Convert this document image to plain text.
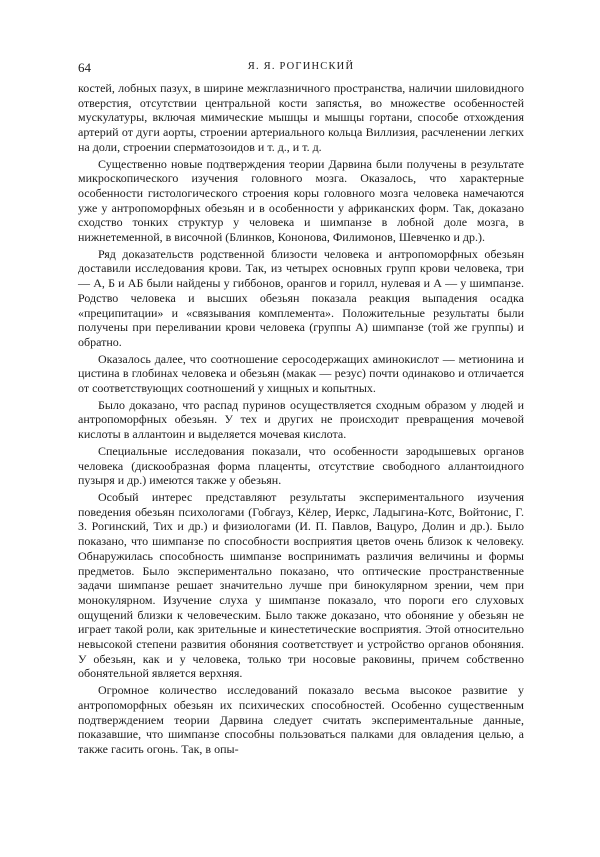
64	Я. Я. РОГИНСКИЙ

костей, лобных пазух, в ширине межглазничного пространства, наличии шиловидного отверстия, отсутствии центральной кости запястья, во множестве особенностей мускулатуры, включая мимические мышцы и мышцы гортани, способе отхождения артерий от дуги аорты, строении артериального кольца Виллизия, расчленении легких на доли, строении сперматозоидов и т. д., и т. д.

Существенно новые подтверждения теории Дарвина были получены в результате микроскопического изучения головного мозга. Оказалось, что характерные особенности гистологического строения коры головного мозга человека намечаются уже у антропоморфных обезьян и в особенности у африканских форм. Так, доказано сходство тонких структур у человека и шимпанзе в лобной доле мозга, в нижнетеменной, в височной (Блинков, Кононова, Филимонов, Шевченко и др.).

Ряд доказательств родственной близости человека и антропоморфных обезьян доставили исследования крови. Так, из четырех основных групп крови человека, три — А, Б и АБ были найдены у гиббонов, орангов и горилл, нулевая и А — у шимпанзе. Родство человека и высших обезьян показала реакция выпадения осадка «преципитации» и «связывания комплемента». Положительные результаты были получены при переливании крови человека (группы А) шимпанзе (той же группы) и обратно.

Оказалось далее, что соотношение серосодержащих аминокислот — метионина и цистина в глобинах человека и обезьян (макак — резус) почти одинаково и отличается от соответствующих соотношений у хищных и копытных.

Было доказано, что распад пуринов осуществляется сходным образом у людей и антропоморфных обезьян. У тех и других не происходит превращения мочевой кислоты в аллантоин и выделяется мочевая кислота.

Специальные исследования показали, что особенности зародышевых органов человека (дискообразная форма плаценты, отсутствие свободного аллантоидного пузыря и др.) имеются также у обезьян.

Особый интерес представляют результаты экспериментального изучения поведения обезьян психологами (Гобгауз, Кёлер, Иеркс, Ладыгина-Котс, Войтонис, Г. З. Рогинский, Тих и др.) и физиологами (И. П. Павлов, Вацуро, Долин и др.). Было показано, что шимпанзе по способности восприятия цветов очень близок к человеку. Обнаружилась способность шимпанзе воспринимать различия величины и формы предметов. Было экспериментально показано, что оптические пространственные задачи шимпанзе решает значительно лучше при бинокулярном зрении, чем при монокулярном. Изучение слуха у шимпанзе показало, что пороги его слуховых ощущений близки к человеческим. Было также доказано, что обоняние у обезьян не играет такой роли, как зрительные и кинестетические восприятия. Этой относительно невысокой степени развития обоняния соответствует и устройство органов обоняния. У обезьян, как и у человека, только три носовые раковины, причем собственно обонятельной является верхняя.

Огромное количество исследований показало весьма высокое развитие у антропоморфных обезьян их психических способностей. Особенно существенным подтверждением теории Дарвина следует считать экспериментальные данные, показавшие, что шимпанзе способны пользоваться палками для овладения целью, а также гасить огонь. Так, в опы-
